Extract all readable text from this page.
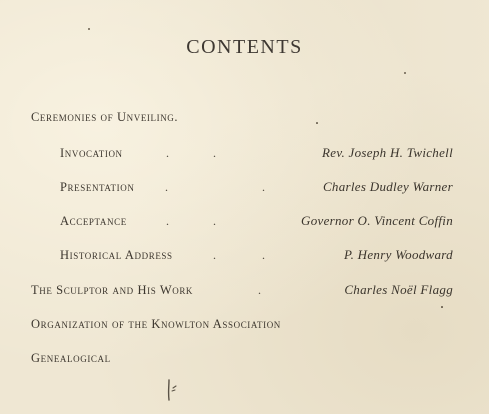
CONTENTS
Ceremonies of Unveiling.
Invocation	.	.	Rev. Joseph H. Twichell
Presentation	.	.	Charles Dudley Warner
Acceptance	.	.	Governor O. Vincent Coffin
Historical Address	.	.	P. Henry Woodward
The Sculptor and His Work	.	Charles Noël Flagg
Organization of the Knowlton Association
Genealogical
